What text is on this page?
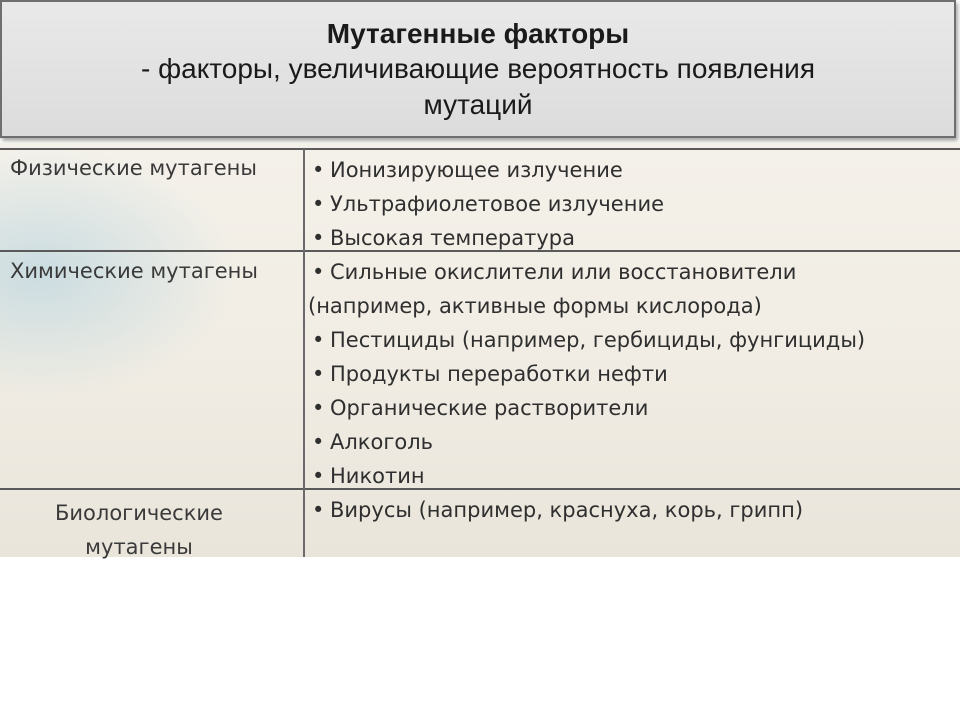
Мутагенные факторы
- факторы, увеличивающие вероятность появления
мутаций
Физические мутагены	• Ионизирующее излучение
• Ультрафиолетовое излучение
• Высокая температура
Химические мутагены	• Сильные окислители или восстановители
(например, активные формы кислорода)
• Пестициды (например, гербициды, фунгициды)
• Продукты переработки нефти
• Органические растворители
• Алкоголь
• Никотин
Биологические
мутагены
• Вирусы (например, краснуха, корь, грипп)
